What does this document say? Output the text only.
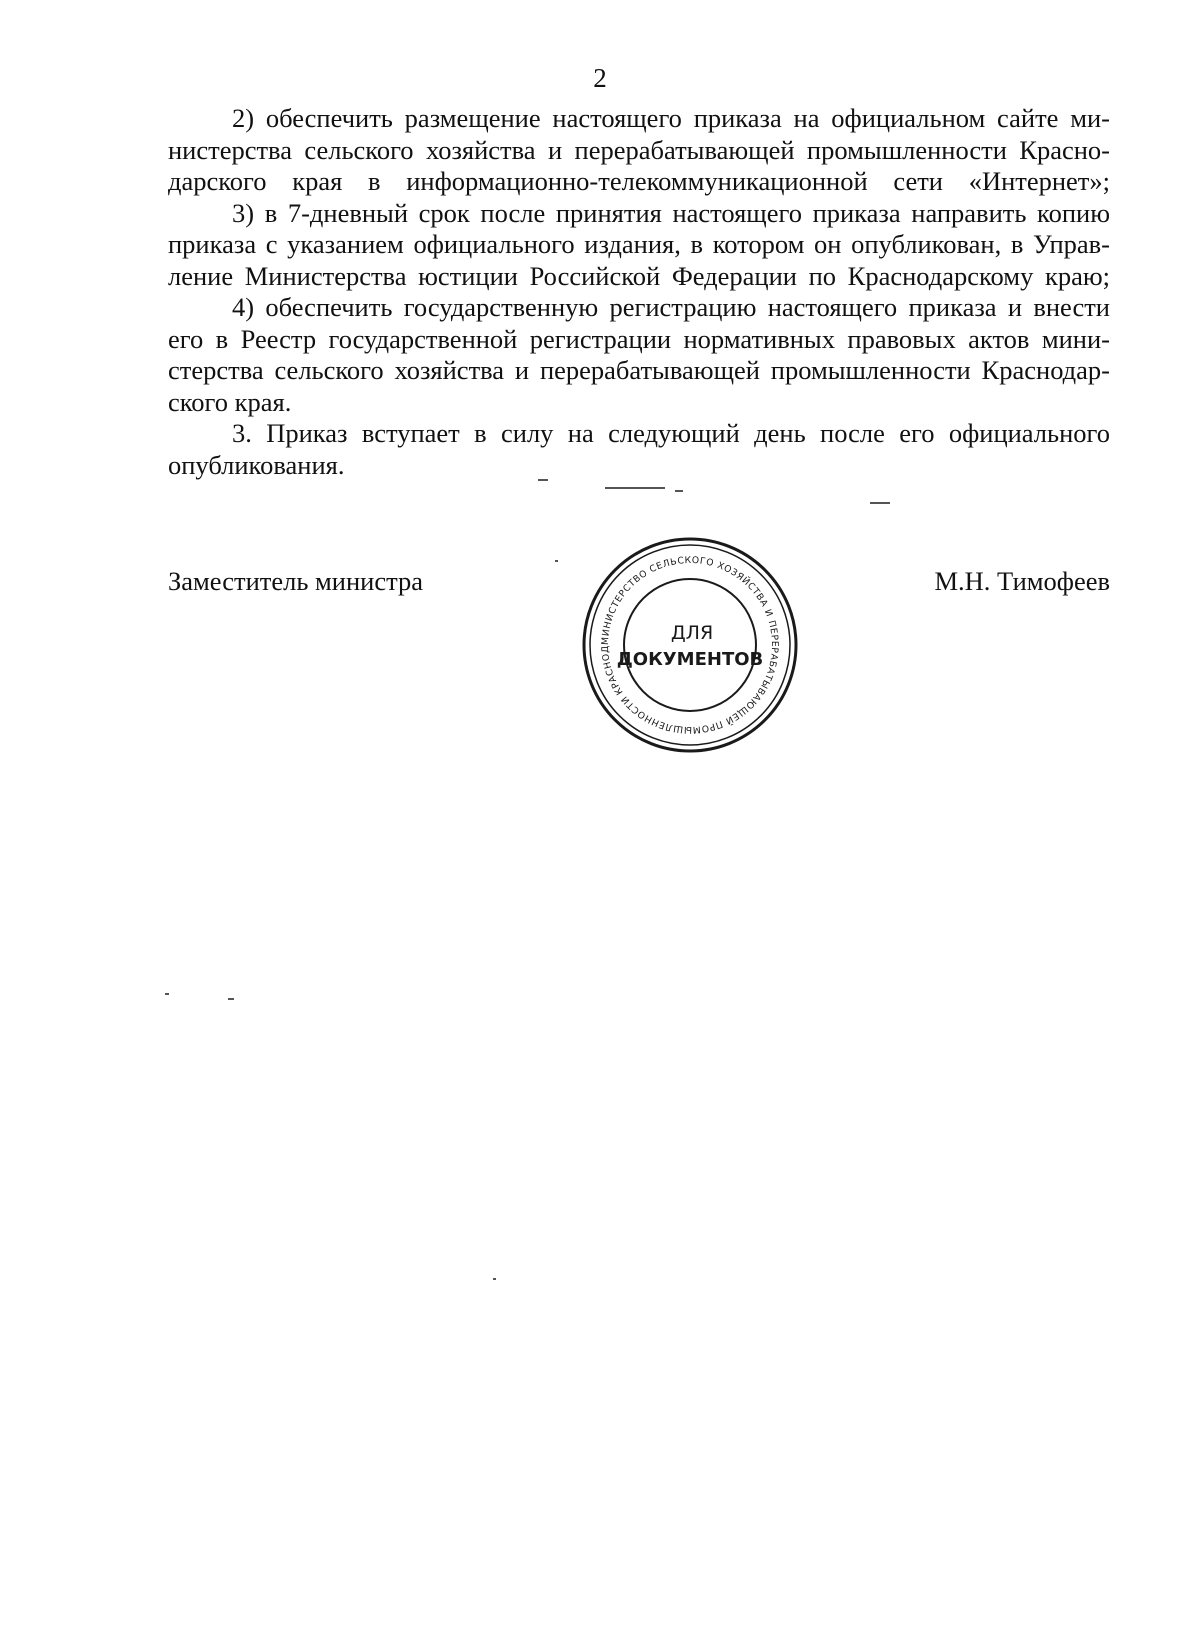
2
2) обеспечить размещение настоящего приказа на официальном сайте ми-
нистерства сельского хозяйства и перерабатывающей промышленности Красно-
дарского края в информационно-телекоммуникационной сети «Интернет»;
3) в 7-дневный срок после принятия настоящего приказа направить копию
приказа с указанием официального издания, в котором он опубликован, в Управ-
ление Министерства юстиции Российской Федерации по Краснодарскому краю;
4) обеспечить государственную регистрацию настоящего приказа и внести
его в Реестр государственной регистрации нормативных правовых актов мини-
стерства сельского хозяйства и перерабатывающей промышленности Краснодар-
ского края.
3. Приказ вступает в силу на следующий день после его официального
опубликования.
Заместитель министра	М.Н. Тимофеев
МИНИСТЕРСТВО СЕЛЬСКОГО ХОЗЯЙСТВА И ПЕРЕРАБАТЫВАЮЩЕЙ ПРОМЫШЛЕННОСТИ КРАСНОД
ДЛЯ
ДОКУМЕНТОВ
